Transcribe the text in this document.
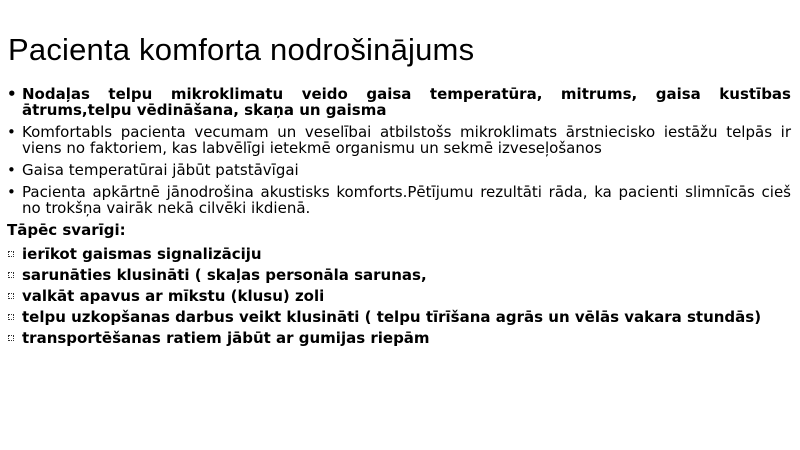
Pacienta komforta nodrošinājums
• Nodaļas telpu mikroklimatu veido gaisa temperatūra, mitrums, gaisa kustības ātrums,telpu vēdināšana, skaņa un gaisma
• Komfortabls pacienta vecumam un veselībai atbilstošs mikroklimats ārstniecisko iestāžu telpās ir viens no faktoriem, kas labvēlīgi ietekmē organismu un sekmē izveseļošanos
• Gaisa temperatūrai jābūt patstāvīgai
• Pacienta apkārtnē jānodrošina akustisks komforts.Pētījumu rezultāti rāda, ka pacienti slimnīcās cieš no trokšņa vairāk nekā cilvēki ikdienā.
Tāpēc svarīgi:
ierīkot gaismas signalizāciju
sarunāties klusināti ( skaļas personāla sarunas,
valkāt apavus ar mīkstu (klusu) zoli
telpu uzkopšanas darbus veikt klusināti ( telpu tīrīšana agrās un vēlās vakara stundās)
transportēšanas ratiem jābūt ar gumijas riepām
